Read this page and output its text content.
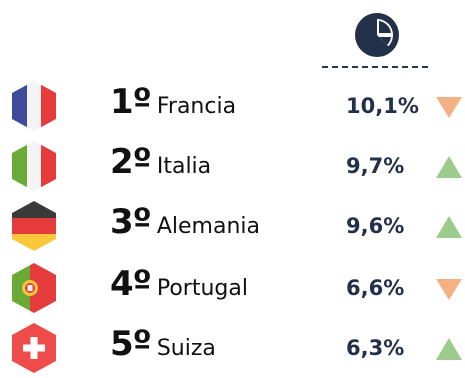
1º Francia	10,1%
2º Italia	9,7%
3º Alemania	9,6%
4º Portugal	6,6%
5º Suiza	6,3%
